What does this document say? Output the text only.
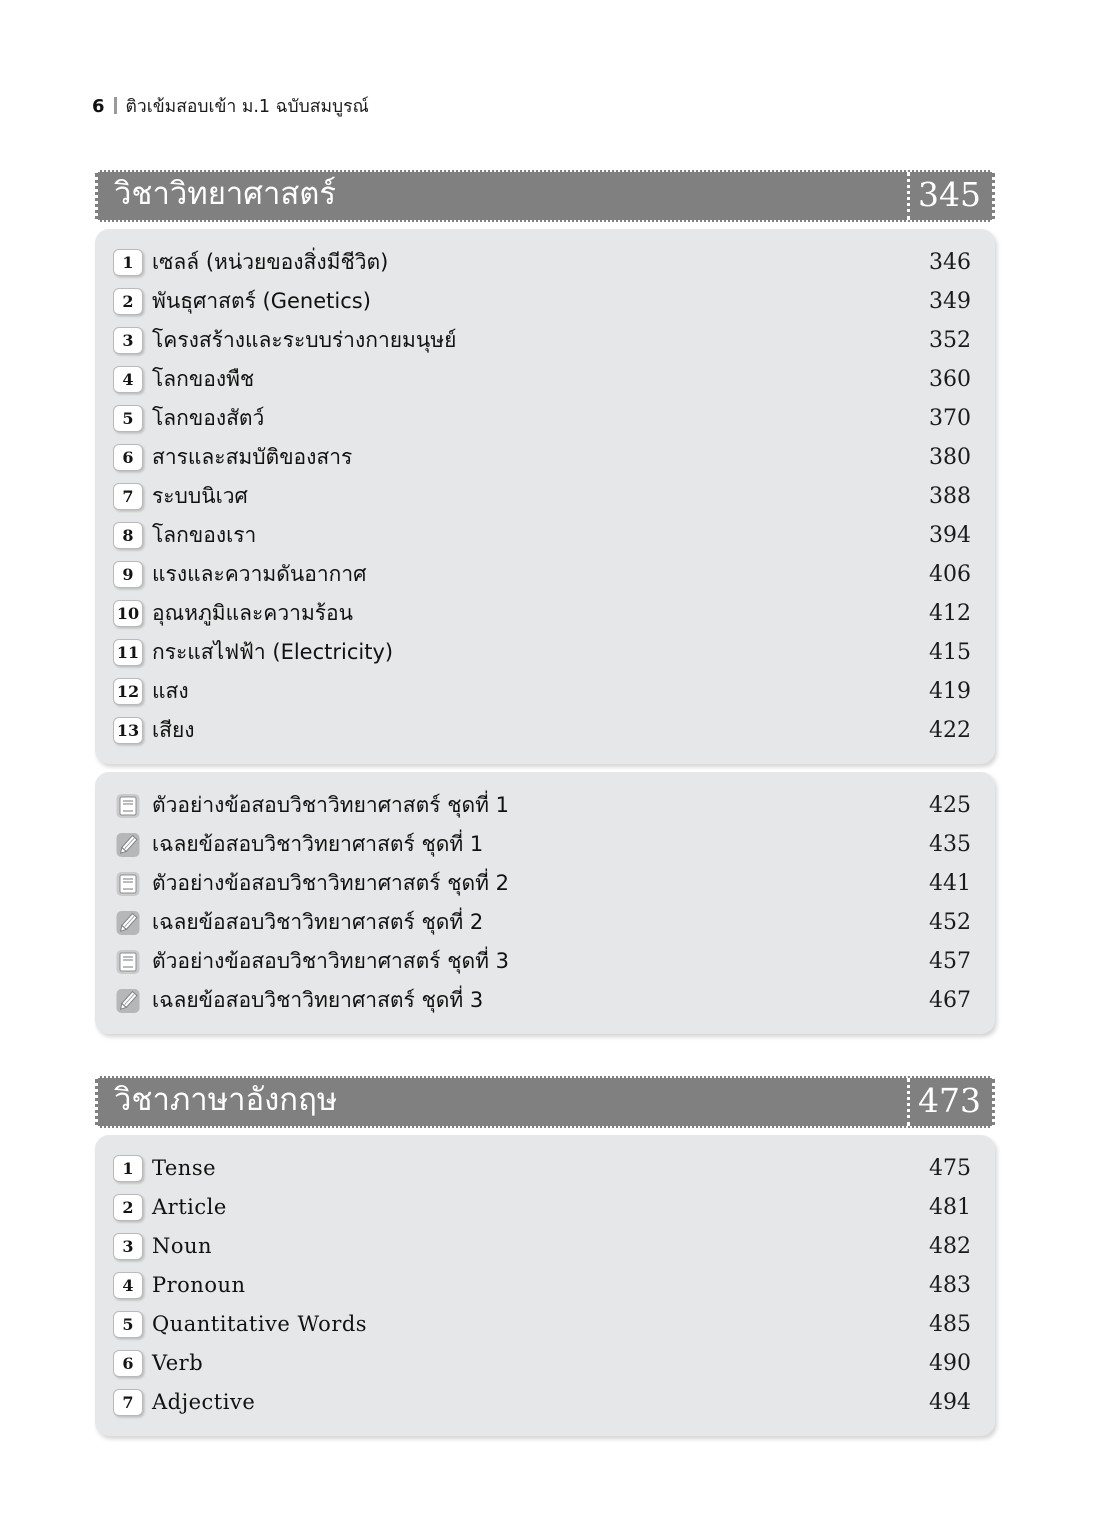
6 ติวเข้มสอบเข้า ม.1 ฉบับสมบูรณ์
วิชาวิทยาศาสตร์	345
1 เซลล์ (หน่วยของสิ่งมีชีวิต)	346
2 พันธุศาสตร์ (Genetics)	349
3 โครงสร้างและระบบร่างกายมนุษย์	352
4 โลกของพืช	360
5 โลกของสัตว์	370
6 สารและสมบัติของสาร	380
7 ระบบนิเวศ	388
8 โลกของเรา	394
9 แรงและความดันอากาศ	406
10 อุณหภูมิและความร้อน	412
11 กระแสไฟฟ้า (Electricity)	415
12 แสง	419
13 เสียง	422
ตัวอย่างข้อสอบวิชาวิทยาศาสตร์ ชุดที่ 1	425
เฉลยข้อสอบวิชาวิทยาศาสตร์ ชุดที่ 1	435
ตัวอย่างข้อสอบวิชาวิทยาศาสตร์ ชุดที่ 2	441
เฉลยข้อสอบวิชาวิทยาศาสตร์ ชุดที่ 2	452
ตัวอย่างข้อสอบวิชาวิทยาศาสตร์ ชุดที่ 3	457
เฉลยข้อสอบวิชาวิทยาศาสตร์ ชุดที่ 3	467
วิชาภาษาอังกฤษ	473
1 Tense	475
2 Article	481
3 Noun	482
4 Pronoun	483
5 Quantitative Words	485
6 Verb	490
7 Adjective	494
